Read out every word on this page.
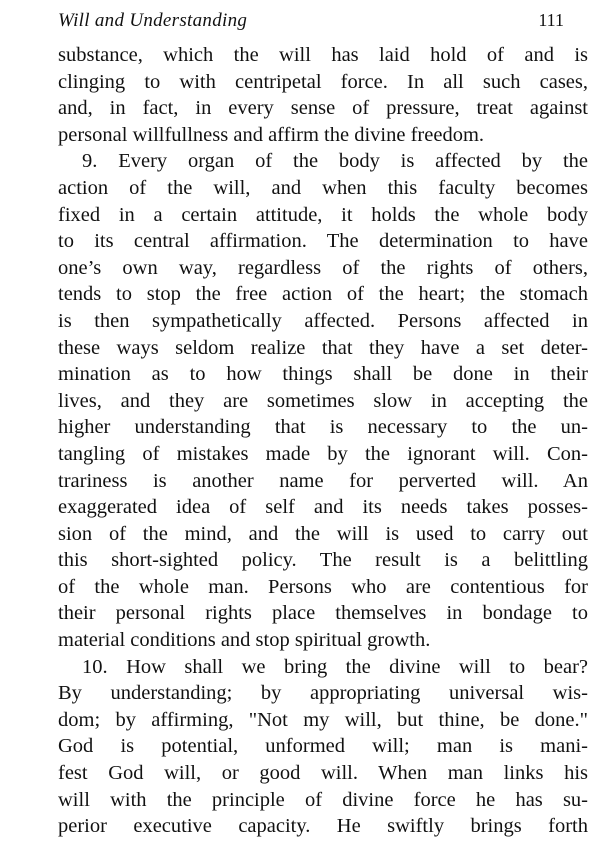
Will and Understanding	111
substance, which the will has laid hold of and is
clinging to with centripetal force. In all such cases,
and, in fact, in every sense of pressure, treat against
personal willfullness and affirm the divine freedom.
9. Every organ of the body is affected by the
action of the will, and when this faculty becomes
fixed in a certain attitude, it holds the whole body
to its central affirmation. The determination to have
one’s own way, regardless of the rights of others,
tends to stop the free action of the heart; the stomach
is then sympathetically affected. Persons affected in
these ways seldom realize that they have a set deter-
mination as to how things shall be done in their
lives, and they are sometimes slow in accepting the
higher understanding that is necessary to the un-
tangling of mistakes made by the ignorant will. Con-
trariness is another name for perverted will. An
exaggerated idea of self and its needs takes posses-
sion of the mind, and the will is used to carry out
this short-sighted policy. The result is a belittling
of the whole man. Persons who are contentious for
their personal rights place themselves in bondage to
material conditions and stop spiritual growth.
10. How shall we bring the divine will to bear?
By understanding; by appropriating universal wis-
dom; by affirming, "Not my will, but thine, be done."
God is potential, unformed will; man is mani-
fest God will, or good will. When man links his
will with the principle of divine force he has su-
perior executive capacity. He swiftly brings forth
